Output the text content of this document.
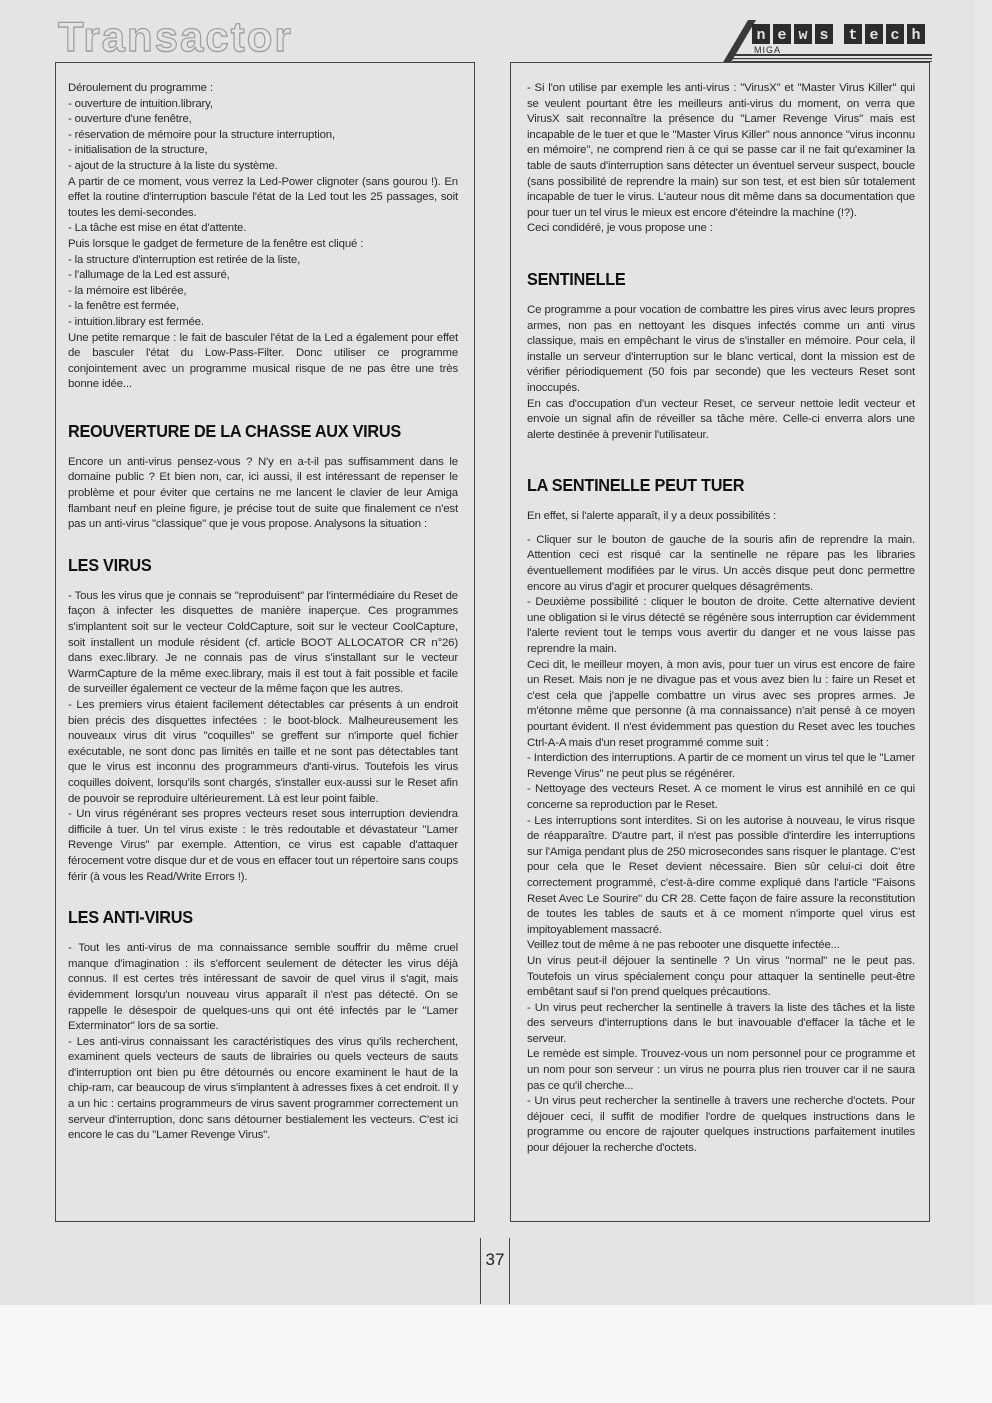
Transactor	n e w s t e c h
MIGA

Déroulement du programme :

- ouverture de intuition.library,

- ouverture d'une fenêtre,

- réservation de mémoire pour la structure interruption,

- initialisation de la structure,

- ajout de la structure à la liste du système.

A partir de ce moment, vous verrez la Led-Power clignoter (sans gourou !). En effet la routine d'interruption bascule l'état de la Led tout les 25 passages, soit toutes les demi-secondes.

- La tâche est mise en état d'attente.

Puis lorsque le gadget de fermeture de la fenêtre est cliqué :

- la structure d'interruption est retirée de la liste,

- l'allumage de la Led est assuré,

- la mémoire est libérée,

- la fenêtre est fermée,

- intuition.library est fermée.

Une petite remarque : le fait de basculer l'état de la Led a également pour effet de basculer l'état du Low-Pass-Filter. Donc utiliser ce programme conjointement avec un programme musical risque de ne pas être une très bonne idée...

REOUVERTURE DE LA CHASSE AUX VIRUS

Encore un anti-virus pensez-vous ? N'y en a-t-il pas suffisamment dans le domaine public ? Et bien non, car, ici aussi, il est intéressant de repenser le problème et pour éviter que certains ne me lancent le clavier de leur Amiga flambant neuf en pleine figure, je précise tout de suite que finalement ce n'est pas un anti-virus "classique" que je vous propose. Analysons la situation :

LES VIRUS

- Tous les virus que je connais se "reproduisent" par l'intermédiaire du Reset de façon à infecter les disquettes de manière inaperçue. Ces programmes s'implantent soit sur le vecteur ColdCapture, soit sur le vecteur CoolCapture, soit installent un module résident (cf. article BOOT ALLOCATOR CR n°26) dans exec.library. Je ne connais pas de virus s'installant sur le vecteur WarmCapture de la même exec.library, mais il est tout à fait possible et facile de surveiller également ce vecteur de la même façon que les autres.

- Les premiers virus étaient facilement détectables car présents à un endroit bien précis des disquettes infectées : le boot-block. Malheureusement les nouveaux virus dit virus "coquilles" se greffent sur n'importe quel fichier exécutable, ne sont donc pas limités en taille et ne sont pas détectables tant que le virus est inconnu des programmeurs d'anti-virus. Toutefois les virus coquilles doivent, lorsqu'ils sont chargés, s'installer eux-aussi sur le Reset afin de pouvoir se reproduire ultérieurement. Là est leur point faible.

- Un virus régénérant ses propres vecteurs reset sous interruption deviendra difficile à tuer. Un tel virus existe : le très redoutable et dévastateur "Lamer Revenge Virus" par exemple. Attention, ce virus est capable d'attaquer férocement votre disque dur et de vous en effacer tout un répertoire sans coups férir (à vous les Read/Write Errors !).

LES ANTI-VIRUS

- Tout les anti-virus de ma connaissance semble souffrir du même cruel manque d'imagination : ils s'efforcent seulement de détecter les virus déjà connus. Il est certes très intéressant de savoir de quel virus il s'agit, mais évidemment lorsqu'un nouveau virus apparaît il n'est pas détecté. On se rappelle le désespoir de quelques-uns qui ont été infectés par le "Lamer Exterminator" lors de sa sortie.

- Les anti-virus connaissant les caractéristiques des virus qu'ils recherchent, examinent quels vecteurs de sauts de librairies ou quels vecteurs de sauts d'interruption ont bien pu être détournés ou encore examinent le haut de la chip-ram, car beaucoup de virus s'implantent à adresses fixes à cet endroit. Il y a un hic : certains programmeurs de virus savent programmer correctement un serveur d'interruption, donc sans détourner bestialement les vecteurs. C'est ici encore le cas du "Lamer Revenge Virus".

- Si l'on utilise par exemple les anti-virus : "VirusX" et "Master Virus Killer" qui se veulent pourtant être les meilleurs anti-virus du moment, on verra que VirusX sait reconnaître la présence du "Lamer Revenge Virus" mais est incapable de le tuer et que le "Master Virus Killer" nous annonce "virus inconnu en mémoire", ne comprend rien à ce qui se passe car il ne fait qu'examiner la table de sauts d'interruption sans détecter un éventuel serveur suspect, boucle (sans possibilité de reprendre la main) sur son test, et est bien sûr totalement incapable de tuer le virus. L'auteur nous dit même dans sa documentation que pour tuer un tel virus le mieux est encore d'éteindre la machine (!?).

Ceci condidéré, je vous propose une :

SENTINELLE

Ce programme a pour vocation de combattre les pires virus avec leurs propres armes, non pas en nettoyant les disques infectés comme un anti virus classique, mais en empêchant le virus de s'installer en mémoire. Pour cela, il installe un serveur d'interruption sur le blanc vertical, dont la mission est de vérifier périodiquement (50 fois par seconde) que les vecteurs Reset sont inoccupés.

En cas d'occupation d'un vecteur Reset, ce serveur nettoie ledit vecteur et envoie un signal afin de réveiller sa tâche mère. Celle-ci enverra alors une alerte destinée à prevenir l'utilisateur.

LA SENTINELLE PEUT TUER

En effet, si l'alerte apparaît, il y a deux possibilités :

- Cliquer sur le bouton de gauche de la souris afin de reprendre la main. Attention ceci est risqué car la sentinelle ne répare pas les libraries éventuellement modifiées par le virus. Un accès disque peut donc permettre encore au virus d'agir et procurer quelques désagréments.

- Deuxième possibilité : cliquer le bouton de droite. Cette alternative devient une obligation si le virus détecté se régénère sous interruption car évidemment l'alerte revient tout le temps vous avertir du danger et ne vous laisse pas reprendre la main.

Ceci dit, le meilleur moyen, à mon avis, pour tuer un virus est encore de faire un Reset. Mais non je ne divague pas et vous avez bien lu : faire un Reset et c'est cela que j'appelle combattre un virus avec ses propres armes. Je m'étonne même que personne (à ma connaissance) n'ait pensé à ce moyen pourtant évident. Il n'est évidemment pas question du Reset avec les touches Ctrl-A-A mais d'un reset programmé comme suit :

- Interdiction des interruptions. A partir de ce moment un virus tel que le "Lamer Revenge Virus" ne peut plus se régénérer.

- Nettoyage des vecteurs Reset. A ce moment le virus est annihilé en ce qui concerne sa reproduction par le Reset.

- Les interruptions sont interdites. Si on les autorise à nouveau, le virus risque de réapparaître. D'autre part, il n'est pas possible d'interdire les interruptions sur l'Amiga pendant plus de 250 microsecondes sans risquer le plantage. C'est pour cela que le Reset devient nécessaire. Bien sûr celui-ci doit être correctement programmé, c'est-à-dire comme expliqué dans l'article "Faisons Reset Avec Le Sourire" du CR 28. Cette façon de faire assure la reconstitution de toutes les tables de sauts et à ce moment n'importe quel virus est impitoyablement massacré.

Veillez tout de même à ne pas rebooter une disquette infectée...

Un virus peut-il déjouer la sentinelle ? Un virus "normal" ne le peut pas. Toutefois un virus spécialement conçu pour attaquer la sentinelle peut-être embêtant sauf si l'on prend quelques précautions.

- Un virus peut rechercher la sentinelle à travers la liste des tâches et la liste des serveurs d'interruptions dans le but inavouable d'effacer la tâche et le serveur.

Le remède est simple. Trouvez-vous un nom personnel pour ce programme et un nom pour son serveur : un virus ne pourra plus rien trouver car il ne saura pas ce qu'il cherche...

- Un virus peut rechercher la sentinelle à travers une recherche d'octets. Pour déjouer ceci, il suffit de modifier l'ordre de quelques instructions dans le programme ou encore de rajouter quelques instructions parfaitement inutiles pour déjouer la recherche d'octets.

37
